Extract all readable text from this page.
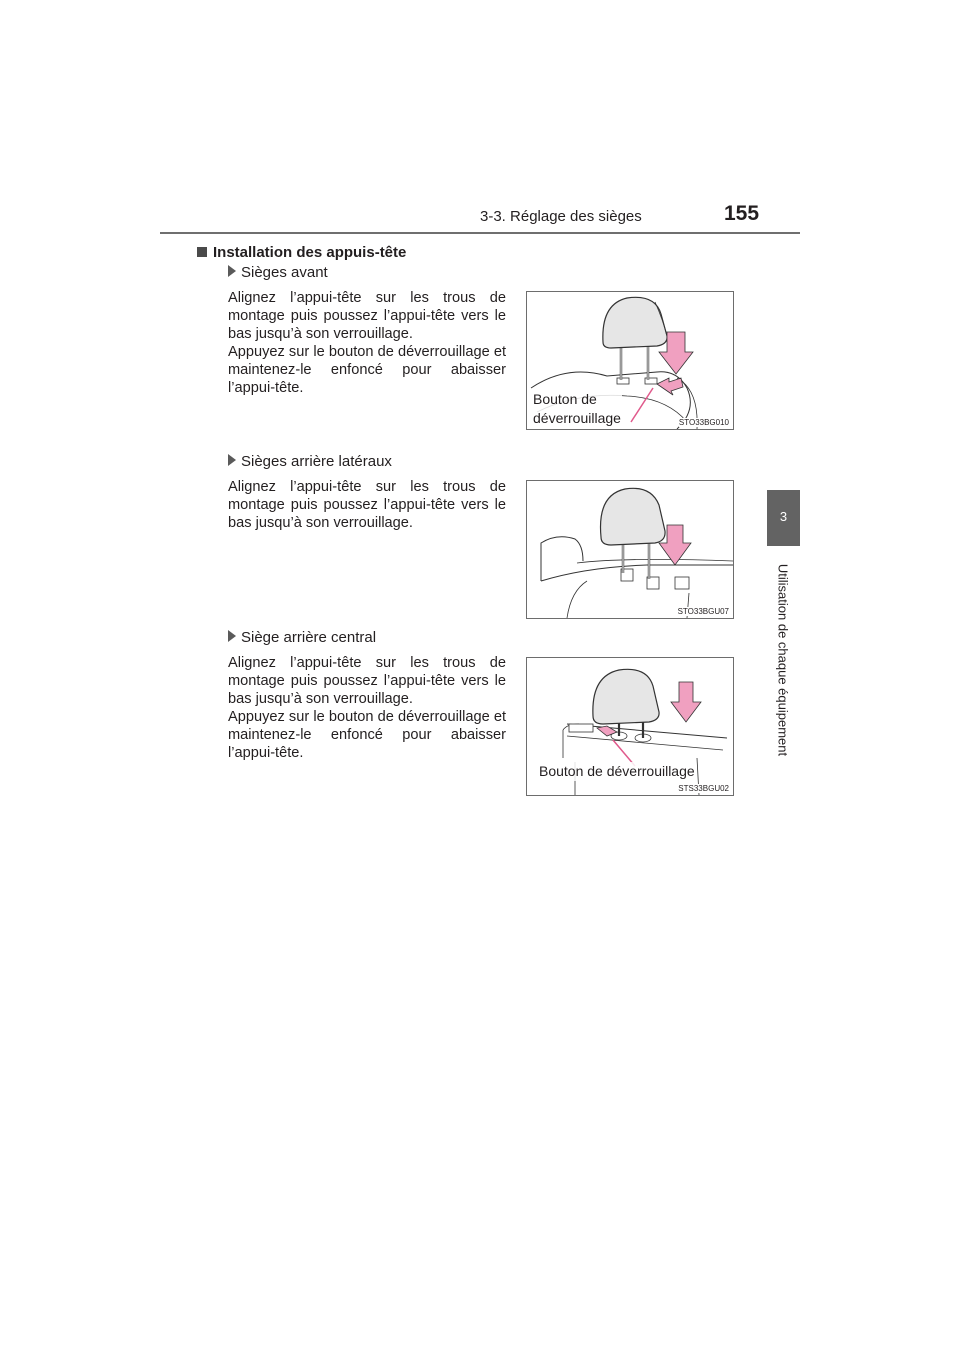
3-3. Réglage des sièges	155
3
Utilisation de chaque équipement
Installation des appuis-tête
Sièges avant

Alignez l’appui-tête sur les trous de montage puis poussez l’appui-tête vers le bas jusqu’à son verrouillage.

Appuyez sur le bouton de déverrouillage et maintenez-le enfoncé pour abaisser l’appui-tête.

Bouton de
déverrouillage	STO33BG010
Sièges arrière latéraux

Alignez l’appui-tête sur les trous de montage puis poussez l’appui-tête vers le bas jusqu’à son verrouillage.

STO33BGU07
Siège arrière central

Alignez l’appui-tête sur les trous de montage puis poussez l’appui-tête vers le bas jusqu’à son verrouillage.

Appuyez sur le bouton de déverrouillage et maintenez-le enfoncé pour abaisser l’appui-tête.

Bouton de déverrouillage
STS33BGU02
